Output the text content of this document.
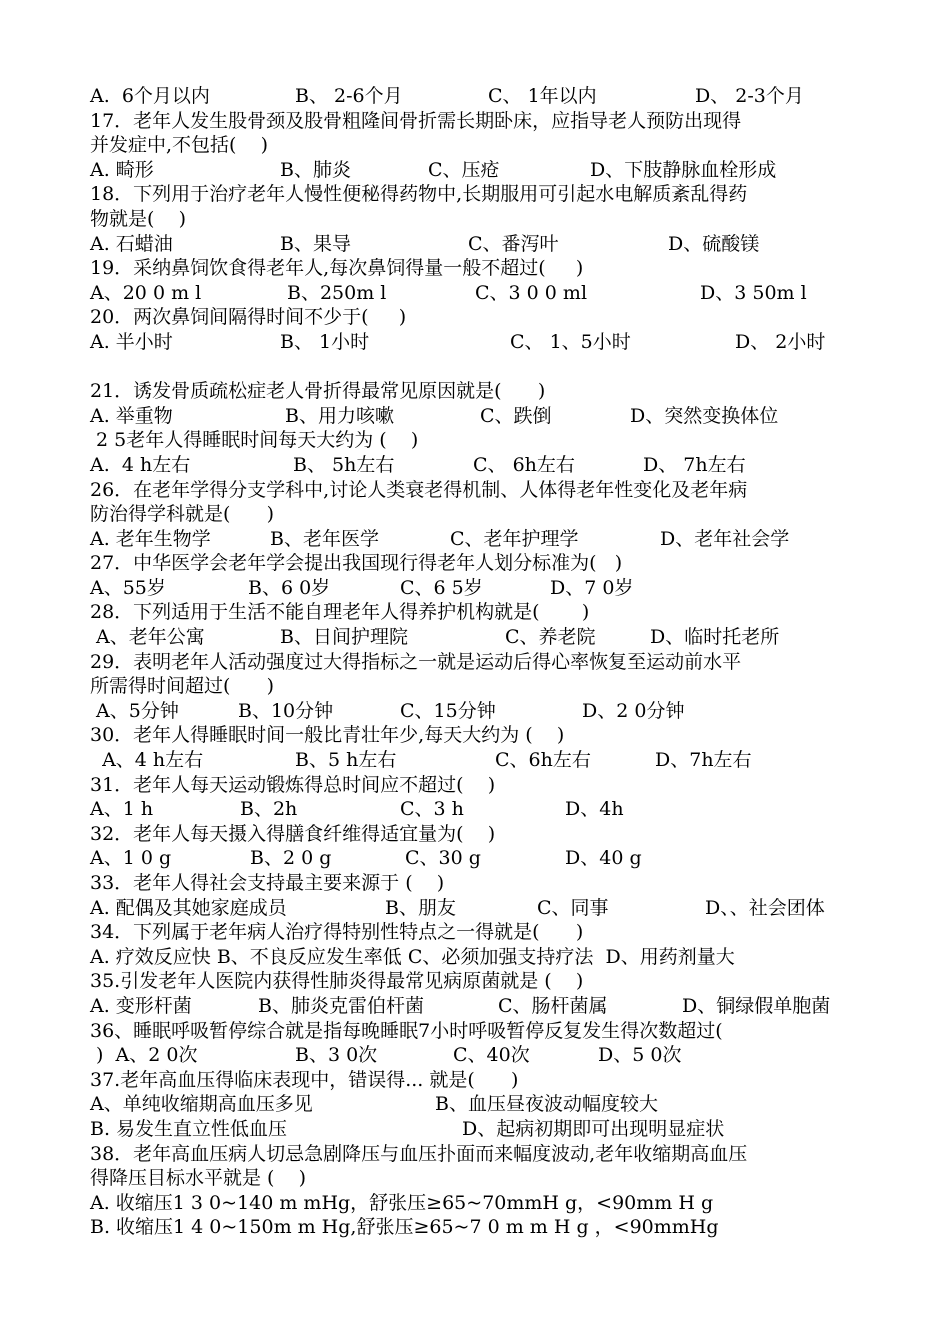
A.  6个月以内	B、 2-6个月	C、 1年以内	D、 2-3个月
17．老年人发生股骨颈及股骨粗隆间骨折需长期卧床，应指导老人预防出现得
并发症中,不包括(    )
A. 畸形	B、肺炎	C、压疮	D、下肢静脉血栓形成
18．下列用于治疗老年人慢性便秘得药物中,长期服用可引起水电解质紊乱得药
物就是(    )
A. 石蜡油	B、果导	C、番泻叶	D、硫酸镁
19．采纳鼻饲饮食得老年人,每次鼻饲得量一般不超过(     )
A、20 0 m l	B、250m l	C、3 0 0 ml	D、3 50m l
20．两次鼻饲间隔得时间不少于(     )
A. 半小时	B、 1小时	C、 1、5小时	D、 2小时
21．诱发骨质疏松症老人骨折得最常见原因就是(      )
A. 举重物	B、用力咳嗽	C、跌倒	D、突然变换体位
2 5老年人得睡眠时间每天大约为 (    )
A.  4 h左右	B、 5h左右	C、 6h左右	D、 7h左右
26．在老年学得分支学科中,讨论人类衰老得机制、人体得老年性变化及老年病
防治得学科就是(      )
A. 老年生物学	B、老年医学	C、老年护理学	D、老年社会学
27．中华医学会老年学会提出我国现行得老年人划分标准为(   )
A、55岁	B、6 0岁	C、6 5岁	D、7 0岁
28．下列适用于生活不能自理老年人得养护机构就是(       )
A、老年公寓	B、日间护理院	C、养老院	D、临时托老所
29．表明老年人活动强度过大得指标之一就是运动后得心率恢复至运动前水平
所需得时间超过(      )
A、5分钟	B、10分钟	C、15分钟	D、2 0分钟
30．老年人得睡眠时间一般比青壮年少,每天大约为 (    )
A、4 h左右	B、5 h左右	C、6h左右	D、7h左右
31．老年人每天运动锻炼得总时间应不超过(    )
A、1 h	B、2h	C、3 h	D、4h
32．老年人每天摄入得膳食纤维得适宜量为(    )
A、1 0 g	B、2 0 g	C、30 g	D、40 g
33．老年人得社会支持最主要来源于 (    )
A. 配偶及其她家庭成员	B、朋友	C、同事	D、、社会团体
34．下列属于老年病人治疗得特别性特点之一得就是(      )
A. 疗效反应快 B、不良反应发生率低 C、必须加强支持疗法  D、用药剂量大
35.引发老年人医院内获得性肺炎得最常见病原菌就是 (    )
A. 变形杆菌	B、肺炎克雷伯杆菌	C、肠杆菌属	D、铜绿假单胞菌
36、睡眠呼吸暂停综合就是指每晚睡眠7小时呼吸暂停反复发生得次数超过(
)  A、2 0次	B、3 0次	C、40次	D、5 0次
37.老年高血压得临床表现中，错误得... 就是(      )
A、单纯收缩期高血压多见	B、血压昼夜波动幅度较大
B. 易发生直立性低血压	D、起病初期即可出现明显症状
38．老年高血压病人切忌急剧降压与血压扑面而来幅度波动,老年收缩期高血压
得降压目标水平就是 (    )
A. 收缩压1 3 0~140 m mHg，舒张压≥65~70mmH g，<90mm H g
B. 收缩压1 4 0~150m m Hg,舒张压≥65~7 0 m m H g ，<90mmHg
